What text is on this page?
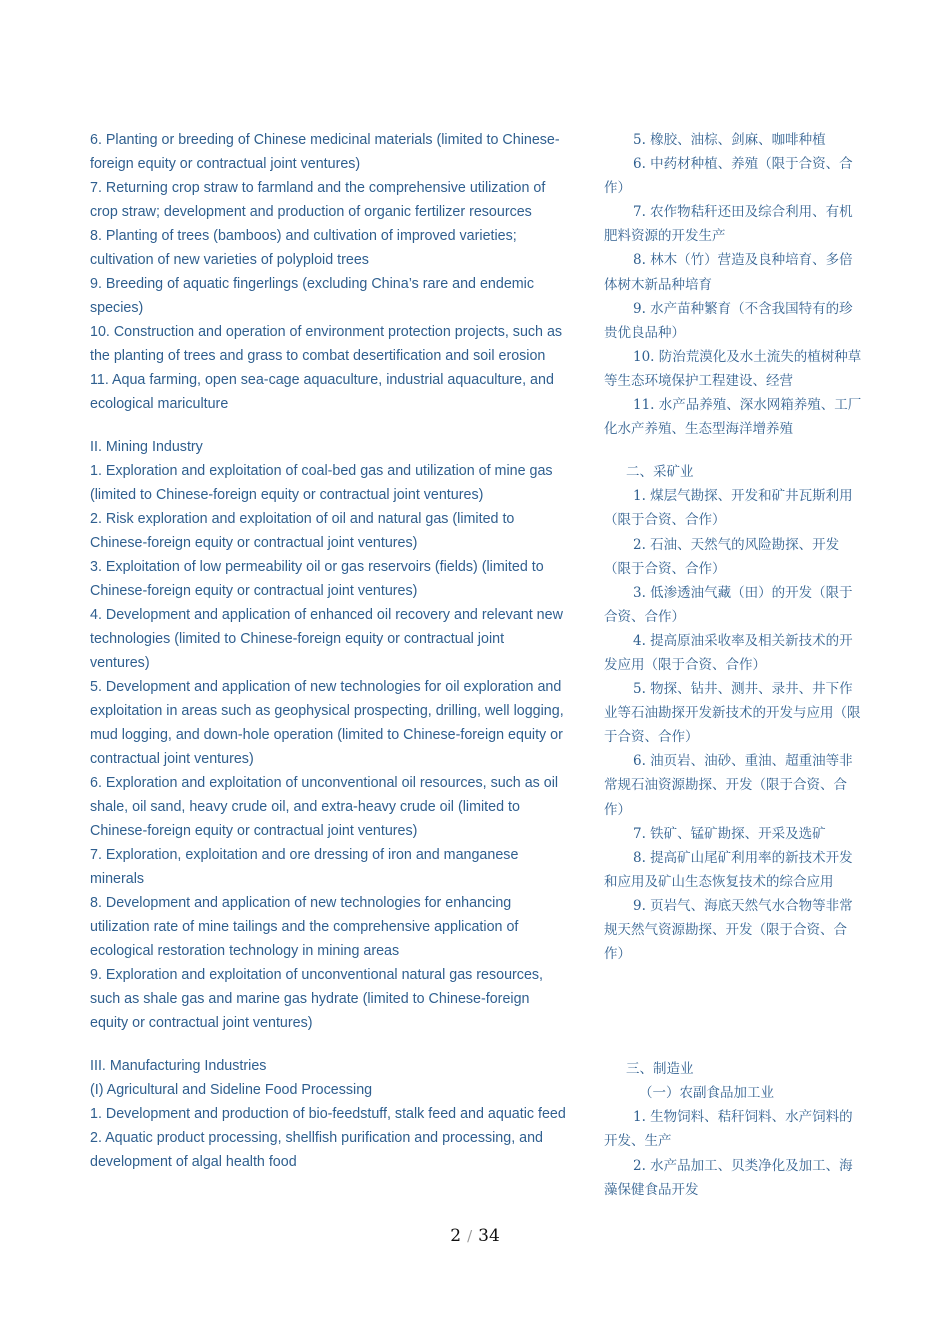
6. Planting or breeding of Chinese medicinal materials (limited to Chinese-foreign equity or contractual joint ventures)

7. Returning crop straw to farmland and the comprehensive utilization of crop straw; development and production of organic fertilizer resources

8. Planting of trees (bamboos) and cultivation of improved varieties; cultivation of new varieties of polyploid trees

9. Breeding of aquatic fingerlings (excluding China’s rare and endemic species)

10. Construction and operation of environment protection projects, such as the planting of trees and grass to combat desertification and soil erosion

11. Aqua farming, open sea-cage aquaculture, industrial aquaculture, and ecological mariculture

II. Mining Industry

1. Exploration and exploitation of coal-bed gas and utilization of mine gas (limited to Chinese-foreign equity or contractual joint ventures)

2. Risk exploration and exploitation of oil and natural gas (limited to Chinese-foreign equity or contractual joint ventures)

3. Exploitation of low permeability oil or gas reservoirs (fields) (limited to Chinese-foreign equity or contractual joint ventures)

4. Development and application of enhanced oil recovery and relevant new technologies (limited to Chinese-foreign equity or contractual joint ventures)

5. Development and application of new technologies for oil exploration and exploitation in areas such as geophysical prospecting, drilling, well logging, mud logging, and down-hole operation (limited to Chinese-foreign equity or contractual joint ventures)

6. Exploration and exploitation of unconventional oil resources, such as oil shale, oil sand, heavy crude oil, and extra-heavy crude oil (limited to Chinese-foreign equity or contractual joint ventures)

7. Exploration, exploitation and ore dressing of iron and manganese minerals

8. Development and application of new technologies for enhancing utilization rate of mine tailings and the comprehensive application of ecological restoration technology in mining areas

9. Exploration and exploitation of unconventional natural gas resources, such as shale gas and marine gas hydrate (limited to Chinese-foreign equity or contractual joint ventures)

III. Manufacturing Industries

(I) Agricultural and Sideline Food Processing

1. Development and production of bio-feedstuff, stalk feed and aquatic feed

2. Aquatic product processing, shellfish purification and processing, and development of algal health food

5. 橡胶、油棕、剑麻、咖啡种植

6. 中药材种植、养殖（限于合资、合作）

7. 农作物秸秆还田及综合利用、有机肥料资源的开发生产

8. 林木（竹）营造及良种培育、多倍体树木新品种培育

9. 水产苗种繁育（不含我国特有的珍贵优良品种）

10. 防治荒漠化及水土流失的植树种草等生态环境保护工程建设、经营

11. 水产品养殖、深水网箱养殖、工厂化水产养殖、生态型海洋增养殖

二、采矿业

1. 煤层气勘探、开发和矿井瓦斯利用（限于合资、合作）

2. 石油、天然气的风险勘探、开发（限于合资、合作）

3. 低渗透油气藏（田）的开发（限于合资、合作）

4. 提高原油采收率及相关新技术的开发应用（限于合资、合作）

5. 物探、钻井、测井、录井、井下作业等石油勘探开发新技术的开发与应用（限于合资、合作）

6. 油页岩、油砂、重油、超重油等非常规石油资源勘探、开发（限于合资、合作）

7. 铁矿、锰矿勘探、开采及选矿

8. 提高矿山尾矿利用率的新技术开发和应用及矿山生态恢复技术的综合应用

9. 页岩气、海底天然气水合物等非常规天然气资源勘探、开发（限于合资、合作）

三、制造业

（一）农副食品加工业

1. 生物饲料、秸秆饲料、水产饲料的开发、生产

2. 水产品加工、贝类净化及加工、海藻保健食品开发

2 / 34
